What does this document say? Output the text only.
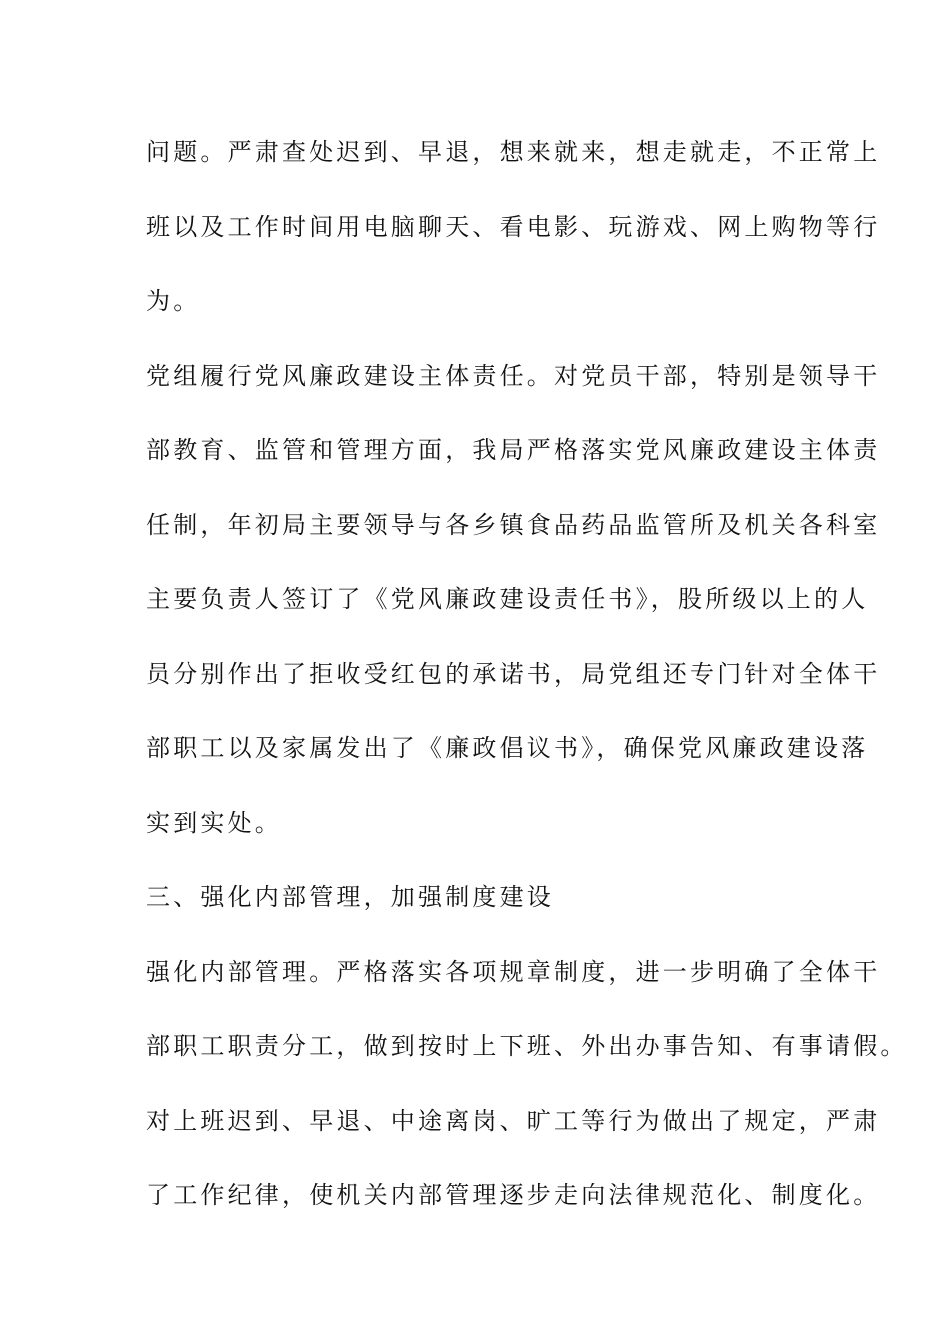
问题。严肃查处迟到、早退，想来就来，想走就走，不正常上
班以及工作时间用电脑聊天、看电影、玩游戏、网上购物等行
为。
党组履行党风廉政建设主体责任。对党员干部，特别是领导干
部教育、监管和管理方面，我局严格落实党风廉政建设主体责
任制，年初局主要领导与各乡镇食品药品监管所及机关各科室
主要负责人签订了《党风廉政建设责任书》，股所级以上的人
员分别作出了拒收受红包的承诺书，局党组还专门针对全体干
部职工以及家属发出了《廉政倡议书》，确保党风廉政建设落
实到实处。
三、强化内部管理，加强制度建设
强化内部管理。严格落实各项规章制度，进一步明确了全体干
部职工职责分工，做到按时上下班、外出办事告知、有事请假。
对上班迟到、早退、中途离岗、旷工等行为做出了规定，严肃
了工作纪律，使机关内部管理逐步走向法律规范化、制度化。
